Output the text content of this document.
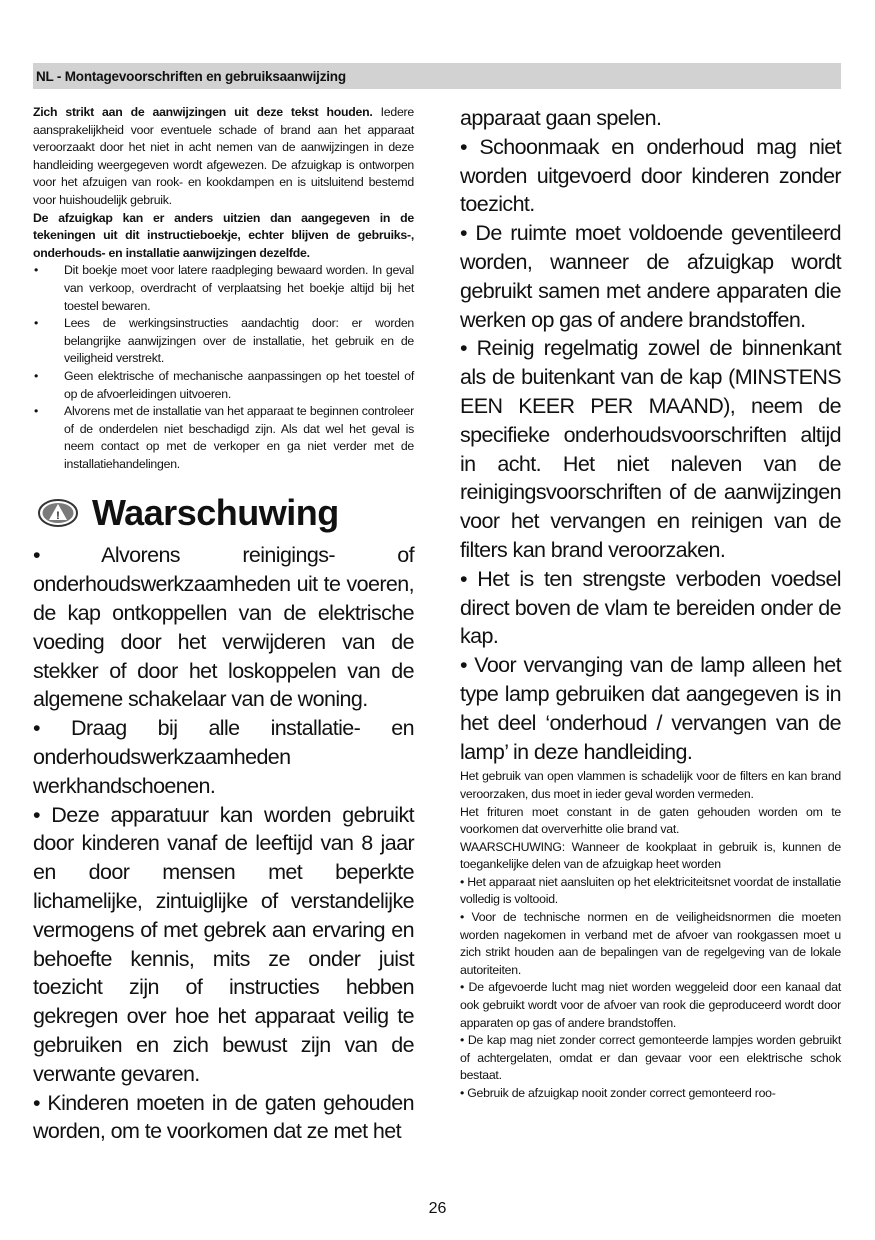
NL - Montagevoorschriften en gebruiksaanwijzing

Zich strikt aan de aanwijzingen uit deze tekst houden. Iedere aansprakelijkheid voor eventuele schade of brand aan het apparaat veroorzaakt door het niet in acht nemen van de aanwijzingen in deze handleiding weergegeven wordt afgewezen. De afzuigkap is ontworpen voor het afzuigen van rook- en kookdampen en is uitsluitend bestemd voor huishoudelijk gebruik.

De afzuigkap kan er anders uitzien dan aangegeven in de tekeningen uit dit instructieboekje, echter blijven de gebruiks-, onderhouds- en installatie aanwijzingen dezelfde.

• Dit boekje moet voor latere raadpleging bewaard worden. In geval van verkoop, overdracht of verplaatsing het boekje altijd bij het toestel bewaren.
• Lees de werkingsinstructies aandachtig door: er worden belangrijke aanwijzingen over de installatie, het gebruik en de veiligheid verstrekt.
• Geen elektrische of mechanische aanpassingen op het toestel of op de afvoerleidingen uitvoeren.
• Alvorens met de installatie van het apparaat te beginnen controleer of de onderdelen niet beschadigd zijn. Als dat wel het geval is neem contact op met de verkoper en ga niet verder met de installatiehandelingen.
! Waarschuwing

• Alvorens reinigings- of onderhoudswerkzaamheden uit te voeren, de kap ontkoppellen van de elektrische voeding door het verwijderen van de stekker of door het loskoppelen van de algemene schakelaar van de woning.

• Draag bij alle installatie- en onderhoudswerkzaamheden werkhandschoenen.

• Deze apparatuur kan worden gebruikt door kinderen vanaf de leeftijd van 8 jaar en door mensen met beperkte lichamelijke, zintuiglijke of verstandelijke vermogens of met gebrek aan ervaring en behoefte kennis, mits ze onder juist toezicht zijn of instructies hebben gekregen over hoe het apparaat veilig te gebruiken en zich bewust zijn van de verwante gevaren.

• Kinderen moeten in de gaten gehouden worden, om te voorkomen dat ze met het

apparaat gaan spelen.

• Schoonmaak en onderhoud mag niet worden uitgevoerd door kinderen zonder toezicht.

• De ruimte moet voldoende geventileerd worden, wanneer de afzuigkap wordt gebruikt samen met andere apparaten die werken op gas of andere brandstoffen.

• Reinig regelmatig zowel de binnenkant als de buitenkant van de kap (MINSTENS EEN KEER PER MAAND), neem de specifieke onderhoudsvoorschriften altijd in acht. Het niet naleven van de reinigingsvoorschriften of de aanwijzingen voor het vervangen en reinigen van de filters kan brand veroorzaken.

• Het is ten strengste verboden voedsel direct boven de vlam te bereiden onder de kap.

• Voor vervanging van de lamp alleen het type lamp gebruiken dat aangegeven is in het deel ‘onderhoud / vervangen van de lamp’ in deze handleiding.

Het gebruik van open vlammen is schadelijk voor de filters en kan brand veroorzaken, dus moet in ieder geval worden vermeden.

Het frituren moet constant in de gaten gehouden worden om te voorkomen dat oververhitte olie brand vat.

WAARSCHUWING: Wanneer de kookplaat in gebruik is, kunnen de toegankelijke delen van de afzuigkap heet worden

• Het apparaat niet aansluiten op het elektriciteitsnet voordat de installatie volledig is voltooid.

• Voor de technische normen en de veiligheidsnormen die moeten worden nagekomen in verband met de afvoer van rookgassen moet u zich strikt houden aan de bepalingen van de regelgeving van de lokale autoriteiten.

• De afgevoerde lucht mag niet worden weggeleid door een kanaal dat ook gebruikt wordt voor de afvoer van rook die geproduceerd wordt door apparaten op gas of andere brandstoffen.

• De kap mag niet zonder correct gemonteerde lampjes worden gebruikt of achtergelaten, omdat er dan gevaar voor een elektrische schok bestaat.

• Gebruik de afzuigkap nooit zonder correct gemonteerd roo-

26
